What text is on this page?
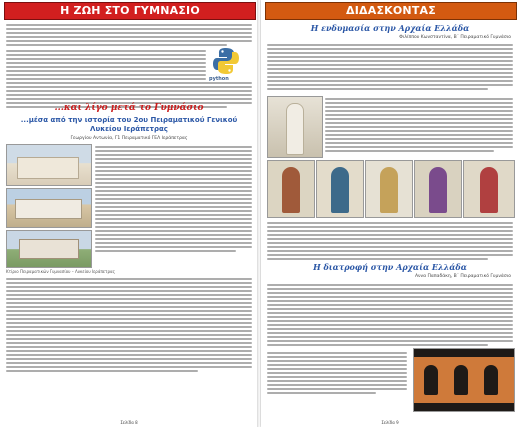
Η ΖΩΗ ΣΤΟ ΓΥΜΝΑΣΙΟ
python
...και λίγο μετά το Γυμνάσιο
...μέσα από την ιστορία του 2ου Πειραματικού Γενικού Λυκείου Ιεράπετρας
Γεωργίου Αντωνία, Γ1 Πειραματικό ΓΕΛ Ιεράπετρας
Κτίριο Πειραματικών Γυμνασίου – Λυκείου Ιεράπετρας
Σελίδα 8
ΔΙΔΑΣΚΟΝΤΑΣ
Η ενδυμασία στην Αρχαία Ελλάδα
Φιλίππου Κωνσταντίνα, Β΄ Πειραματικό Γυμνάσιο
Η διατροφή στην Αρχαία Ελλάδα
Αννα Παπαδάκη, Β΄ Πειραματικό Γυμνάσιο
Σελίδα 9
